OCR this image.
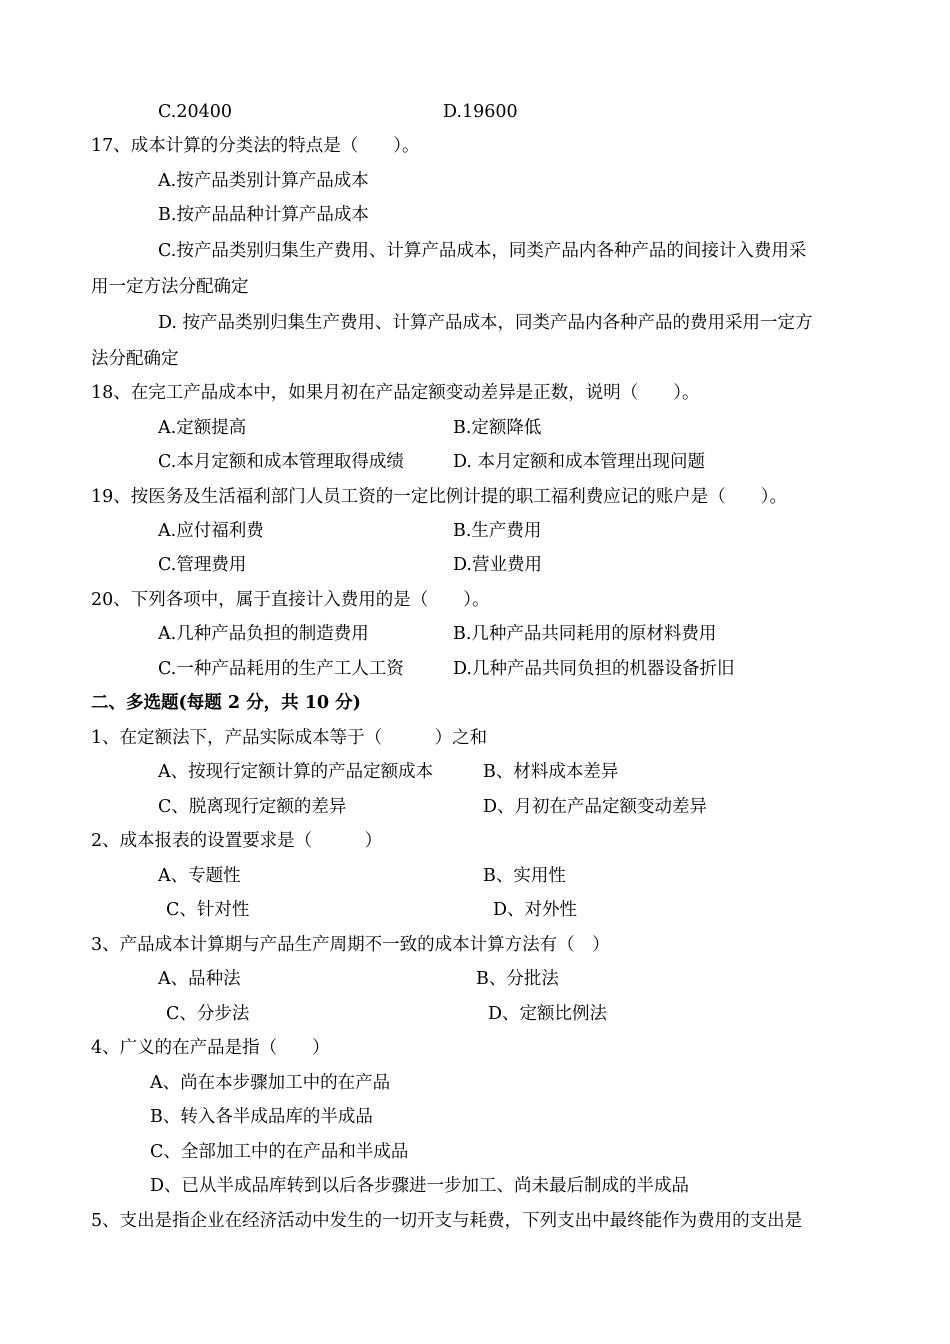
C.20400	D.19600
17、成本计算的分类法的特点是（　　）。
A.按产品类别计算产品成本
B.按产品品种计算产品成本
C.按产品类别归集生产费用、计算产品成本，同类产品内各种产品的间接计入费用采
用一定方法分配确定
D. 按产品类别归集生产费用、计算产品成本，同类产品内各种产品的费用采用一定方
法分配确定
18、在完工产品成本中，如果月初在产品定额变动差异是正数，说明（　　）。
A.定额提高	B.定额降低
C.本月定额和成本管理取得成绩	D. 本月定额和成本管理出现问题
19、按医务及生活福利部门人员工资的一定比例计提的职工福利费应记的账户是（　　）。
A.应付福利费	B.生产费用
C.管理费用	D.营业费用
20、下列各项中，属于直接计入费用的是（　　）。
A.几种产品负担的制造费用	B.几种产品共同耗用的原材料费用
C.一种产品耗用的生产工人工资	D.几种产品共同负担的机器设备折旧
二、多选题(每题 2 分，共 10 分)
1、在定额法下，产品实际成本等于（　　　）之和
A、按现行定额计算的产品定额成本	B、材料成本差异
C、脱离现行定额的差异	D、月初在产品定额变动差异
2、成本报表的设置要求是（　　　）
A、专题性	B、实用性
C、针对性	D、对外性
3、产品成本计算期与产品生产周期不一致的成本计算方法有（　）
A、品种法	B、分批法
C、分步法	D、定额比例法
4、广义的在产品是指（　　）
A、尚在本步骤加工中的在产品
B、转入各半成品库的半成品
C、全部加工中的在产品和半成品
D、已从半成品库转到以后各步骤进一步加工、尚未最后制成的半成品
5、支出是指企业在经济活动中发生的一切开支与耗费，下列支出中最终能作为费用的支出是
